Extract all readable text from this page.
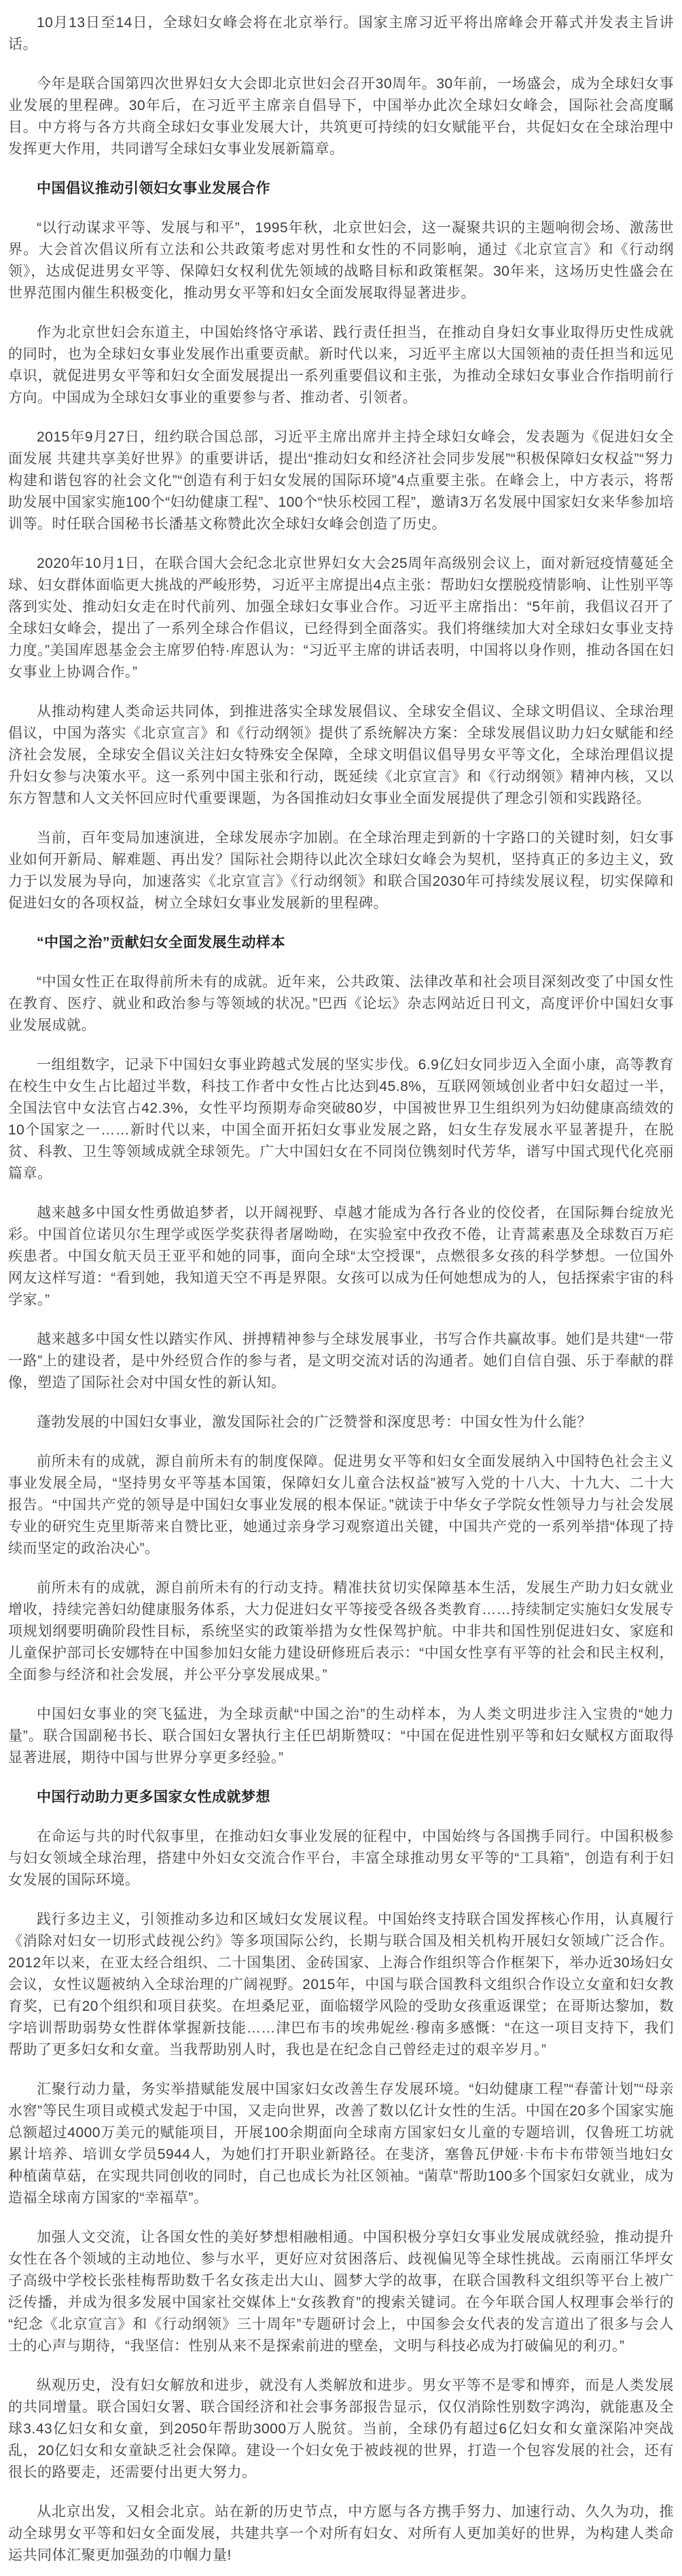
10月13日至14日，全球妇女峰会将在北京举行。国家主席习近平将出席峰会开幕式并发表主旨讲话。

今年是联合国第四次世界妇女大会即北京世妇会召开30周年。30年前，一场盛会，成为全球妇女事业发展的里程碑。30年后，在习近平主席亲自倡导下，中国举办此次全球妇女峰会，国际社会高度瞩目。中方将与各方共商全球妇女事业发展大计，共筑更可持续的妇女赋能平台，共促妇女在全球治理中发挥更大作用，共同谱写全球妇女事业发展新篇章。

中国倡议推动引领妇女事业发展合作

“以行动谋求平等、发展与和平”，1995年秋，北京世妇会，这一凝聚共识的主题响彻会场、激荡世界。大会首次倡议所有立法和公共政策考虑对男性和女性的不同影响，通过《北京宣言》和《行动纲领》，达成促进男女平等、保障妇女权利优先领域的战略目标和政策框架。30年来，这场历史性盛会在世界范围内催生积极变化，推动男女平等和妇女全面发展取得显著进步。

作为北京世妇会东道主，中国始终恪守承诺、践行责任担当，在推动自身妇女事业取得历史性成就的同时，也为全球妇女事业发展作出重要贡献。新时代以来，习近平主席以大国领袖的责任担当和远见卓识，就促进男女平等和妇女全面发展提出一系列重要倡议和主张，为推动全球妇女事业合作指明前行方向。中国成为全球妇女事业的重要参与者、推动者、引领者。

2015年9月27日，纽约联合国总部，习近平主席出席并主持全球妇女峰会，发表题为《促进妇女全面发展 共建共享美好世界》的重要讲话，提出“推动妇女和经济社会同步发展”“积极保障妇女权益”“努力构建和谐包容的社会文化”“创造有利于妇女发展的国际环境”4点重要主张。在峰会上，中方表示，将帮助发展中国家实施100个“妇幼健康工程”、100个“快乐校园工程”，邀请3万名发展中国家妇女来华参加培训等。时任联合国秘书长潘基文称赞此次全球妇女峰会创造了历史。

2020年10月1日，在联合国大会纪念北京世界妇女大会25周年高级别会议上，面对新冠疫情蔓延全球、妇女群体面临更大挑战的严峻形势，习近平主席提出4点主张：帮助妇女摆脱疫情影响、让性别平等落到实处、推动妇女走在时代前列、加强全球妇女事业合作。习近平主席指出：“5年前，我倡议召开了全球妇女峰会，提出了一系列全球合作倡议，已经得到全面落实。我们将继续加大对全球妇女事业支持力度。”美国库恩基金会主席罗伯特·库恩认为：“习近平主席的讲话表明，中国将以身作则，推动各国在妇女事业上协调合作。”

从推动构建人类命运共同体，到推进落实全球发展倡议、全球安全倡议、全球文明倡议、全球治理倡议，中国为落实《北京宣言》和《行动纲领》提供了系统解决方案：全球发展倡议助力妇女赋能和经济社会发展，全球安全倡议关注妇女特殊安全保障，全球文明倡议倡导男女平等文化，全球治理倡议提升妇女参与决策水平。这一系列中国主张和行动，既延续《北京宣言》和《行动纲领》精神内核，又以东方智慧和人文关怀回应时代重要课题，为各国推动妇女事业全面发展提供了理念引领和实践路径。

当前，百年变局加速演进，全球发展赤字加剧。在全球治理走到新的十字路口的关键时刻，妇女事业如何开新局、解难题、再出发？国际社会期待以此次全球妇女峰会为契机，坚持真正的多边主义，致力于以发展为导向，加速落实《北京宣言》《行动纲领》和联合国2030年可持续发展议程，切实保障和促进妇女的各项权益，树立全球妇女事业发展新的里程碑。

“中国之治”贡献妇女全面发展生动样本

“中国女性正在取得前所未有的成就。近年来，公共政策、法律改革和社会项目深刻改变了中国女性在教育、医疗、就业和政治参与等领域的状况。”巴西《论坛》杂志网站近日刊文，高度评价中国妇女事业发展成就。

一组组数字，记录下中国妇女事业跨越式发展的坚实步伐。6.9亿妇女同步迈入全面小康，高等教育在校生中女生占比超过半数，科技工作者中女性占比达到45.8%，互联网领域创业者中妇女超过一半，全国法官中女法官占42.3%，女性平均预期寿命突破80岁，中国被世界卫生组织列为妇幼健康高绩效的10个国家之一……新时代以来，中国全面开拓妇女事业发展之路，妇女生存发展水平显著提升，在脱贫、科教、卫生等领域成就全球领先。广大中国妇女在不同岗位镌刻时代芳华，谱写中国式现代化亮丽篇章。

越来越多中国女性勇做追梦者，以开阔视野、卓越才能成为各行各业的佼佼者，在国际舞台绽放光彩。中国首位诺贝尔生理学或医学奖获得者屠呦呦，在实验室中孜孜不倦，让青蒿素惠及全球数百万疟疾患者。中国女航天员王亚平和她的同事，面向全球“太空授课”，点燃很多女孩的科学梦想。一位国外网友这样写道：“看到她，我知道天空不再是界限。女孩可以成为任何她想成为的人，包括探索宇宙的科学家。”

越来越多中国女性以踏实作风、拼搏精神参与全球发展事业，书写合作共赢故事。她们是共建“一带一路”上的建设者，是中外经贸合作的参与者，是文明交流对话的沟通者。她们自信自强、乐于奉献的群像，塑造了国际社会对中国女性的新认知。

蓬勃发展的中国妇女事业，激发国际社会的广泛赞誉和深度思考：中国女性为什么能？

前所未有的成就，源自前所未有的制度保障。促进男女平等和妇女全面发展纳入中国特色社会主义事业发展全局，“坚持男女平等基本国策，保障妇女儿童合法权益”被写入党的十八大、十九大、二十大报告。“中国共产党的领导是中国妇女事业发展的根本保证。”就读于中华女子学院女性领导力与社会发展专业的研究生克里斯蒂来自赞比亚，她通过亲身学习观察道出关键，中国共产党的一系列举措“体现了持续而坚定的政治决心”。

前所未有的成就，源自前所未有的行动支持。精准扶贫切实保障基本生活，发展生产助力妇女就业增收，持续完善妇幼健康服务体系，大力促进妇女平等接受各级各类教育……持续制定实施妇女发展专项规划纲要明确阶段性目标，系统坚实的政策举措为女性保驾护航。中非共和国性别促进妇女、家庭和儿童保护部司长安娜特在中国参加妇女能力建设研修班后表示：“中国女性享有平等的社会和民主权利，全面参与经济和社会发展，并公平分享发展成果。”

中国妇女事业的突飞猛进，为全球贡献“中国之治”的生动样本，为人类文明进步注入宝贵的“她力量”。联合国副秘书长、联合国妇女署执行主任巴胡斯赞叹：“中国在促进性别平等和妇女赋权方面取得显著进展，期待中国与世界分享更多经验。”

中国行动助力更多国家女性成就梦想

在命运与共的时代叙事里，在推动妇女事业发展的征程中，中国始终与各国携手同行。中国积极参与妇女领域全球治理，搭建中外妇女交流合作平台，丰富全球推动男女平等的“工具箱”，创造有利于妇女发展的国际环境。

践行多边主义，引领推动多边和区域妇女发展议程。中国始终支持联合国发挥核心作用，认真履行《消除对妇女一切形式歧视公约》等多项国际公约，长期与联合国及相关机构开展妇女领域广泛合作。2012年以来，在亚太经合组织、二十国集团、金砖国家、上海合作组织等合作框架下，举办近30场妇女会议，女性议题被纳入全球治理的广阔视野。2015年，中国与联合国教科文组织合作设立女童和妇女教育奖，已有20个组织和项目获奖。在坦桑尼亚，面临辍学风险的受助女孩重返课堂；在哥斯达黎加，数字培训帮助弱势女性群体掌握新技能……津巴布韦的埃弗妮丝·穆南多感慨：“在这一项目支持下，我们帮助了更多妇女和女童。当我帮助别人时，我也是在纪念自己曾经走过的艰辛岁月。”

汇聚行动力量，务实举措赋能发展中国家妇女改善生存发展环境。“妇幼健康工程”“春蕾计划”“母亲水窖”等民生项目或模式发起于中国，又走向世界，改善了数以亿计女性的生活。中国在20多个国家实施总额超过4000万美元的赋能项目，开展100余期面向全球南方国家妇女儿童的专题培训，仅鲁班工坊就累计培养、培训女学员5944人，为她们打开职业新路径。在斐济，塞鲁瓦伊娅·卡布卡布带领当地妇女种植菌草菇，在实现共同创收的同时，自己也成长为社区领袖。“菌草”帮助100多个国家妇女就业，成为造福全球南方国家的“幸福草”。

加强人文交流，让各国女性的美好梦想相融相通。中国积极分享妇女事业发展成就经验，推动提升女性在各个领域的主动地位、参与水平，更好应对贫困落后、歧视偏见等全球性挑战。云南丽江华坪女子高级中学校长张桂梅帮助数千名女孩走出大山、圆梦大学的故事，在联合国教科文组织等平台上被广泛传播，并成为很多发展中国家社交媒体上“女孩教育”的搜索关键词。在今年联合国人权理事会举行的“纪念《北京宣言》和《行动纲领》三十周年”专题研讨会上，中国参会女代表的发言道出了很多与会人士的心声与期待，“我坚信：性别从来不是探索前进的壁垒，文明与科技必成为打破偏见的利刃。”

纵观历史，没有妇女解放和进步，就没有人类解放和进步。男女平等不是零和博弈，而是人类发展的共同增量。联合国妇女署、联合国经济和社会事务部报告显示，仅仅消除性别数字鸿沟，就能惠及全球3.43亿妇女和女童，到2050年帮助3000万人脱贫。当前，全球仍有超过6亿妇女和女童深陷冲突战乱，20亿妇女和女童缺乏社会保障。建设一个妇女免于被歧视的世界，打造一个包容发展的社会，还有很长的路要走，还需要付出更大努力。

从北京出发，又相会北京。站在新的历史节点，中方愿与各方携手努力、加速行动、久久为功，推动全球男女平等和妇女全面发展，共建共享一个对所有妇女、对所有人更加美好的世界，为构建人类命运共同体汇聚更加强劲的巾帼力量!
